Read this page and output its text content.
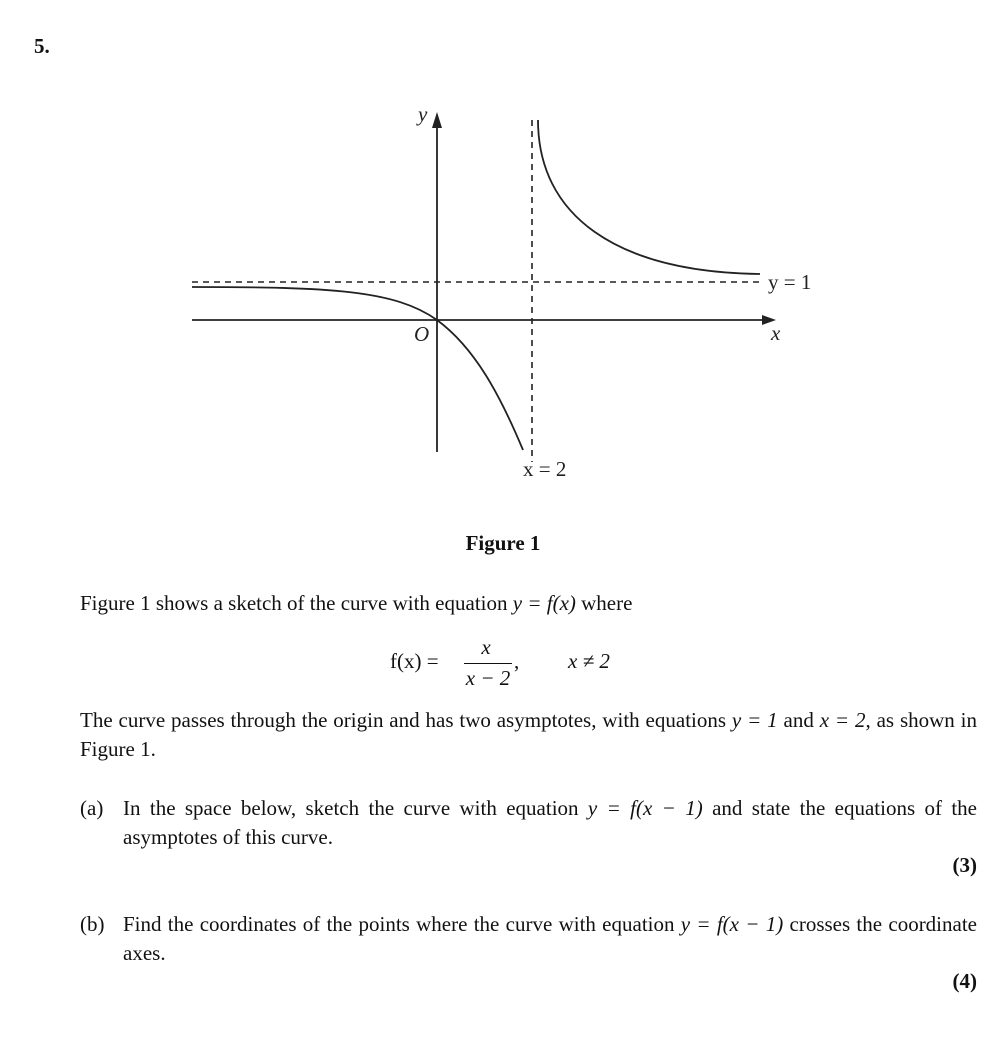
5.
y
x
O
y = 1
x = 2
Figure 1
Figure 1 shows a sketch of the curve with equation y = f(x) where
f(x) =
x
x − 2
, x ≠ 2
The curve passes through the origin and has two asymptotes, with equations y = 1 and x = 2, as shown in Figure 1.
(a) In the space below, sketch the curve with equation y = f(x − 1) and state the equations of the asymptotes of this curve.
(3)
(b) Find the coordinates of the points where the curve with equation y = f(x − 1) crosses the coordinate axes.
(4)
